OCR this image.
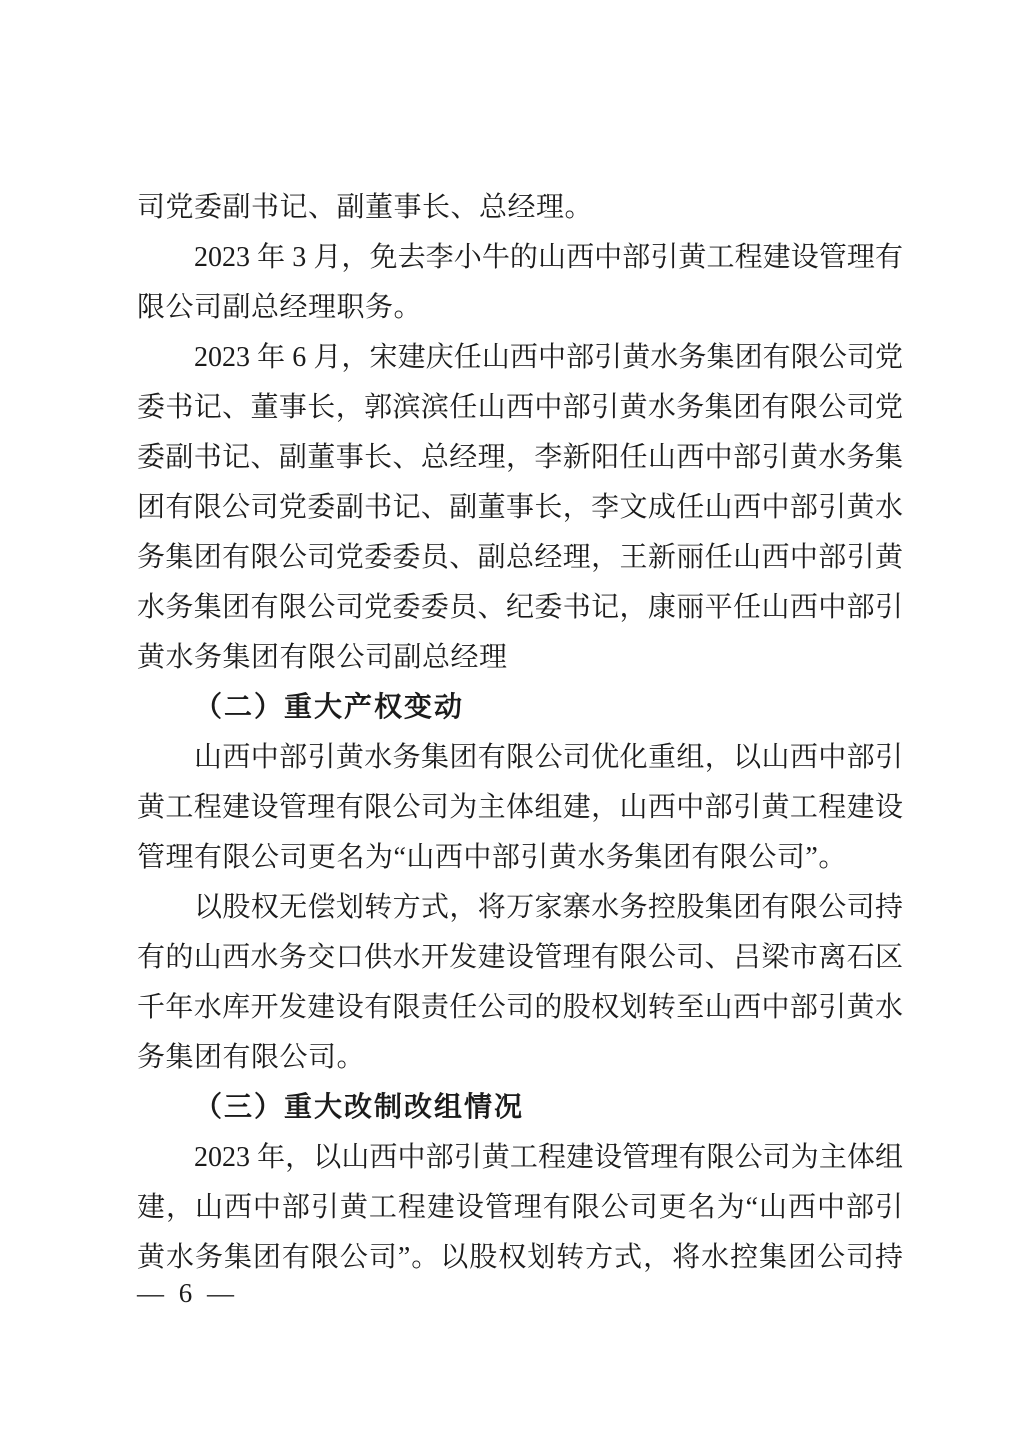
司党委副书记、副董事长、总经理。
2023 年 3 月，免去李小牛的山西中部引黄工程建设管理有
限公司副总经理职务。
2023 年 6 月，宋建庆任山西中部引黄水务集团有限公司党
委书记、董事长，郭滨滨任山西中部引黄水务集团有限公司党
委副书记、副董事长、总经理，李新阳任山西中部引黄水务集
团有限公司党委副书记、副董事长，李文成任山西中部引黄水
务集团有限公司党委委员、副总经理，王新丽任山西中部引黄
水务集团有限公司党委委员、纪委书记，康丽平任山西中部引
黄水务集团有限公司副总经理
（二）重大产权变动
山西中部引黄水务集团有限公司优化重组，以山西中部引
黄工程建设管理有限公司为主体组建，山西中部引黄工程建设
管理有限公司更名为“山西中部引黄水务集团有限公司”。
以股权无偿划转方式，将万家寨水务控股集团有限公司持
有的山西水务交口供水开发建设管理有限公司、吕梁市离石区
千年水库开发建设有限责任公司的股权划转至山西中部引黄水
务集团有限公司。
（三）重大改制改组情况
2023 年，以山西中部引黄工程建设管理有限公司为主体组
建，山西中部引黄工程建设管理有限公司更名为“山西中部引
黄水务集团有限公司”。以股权划转方式，将水控集团公司持
— 6 —
